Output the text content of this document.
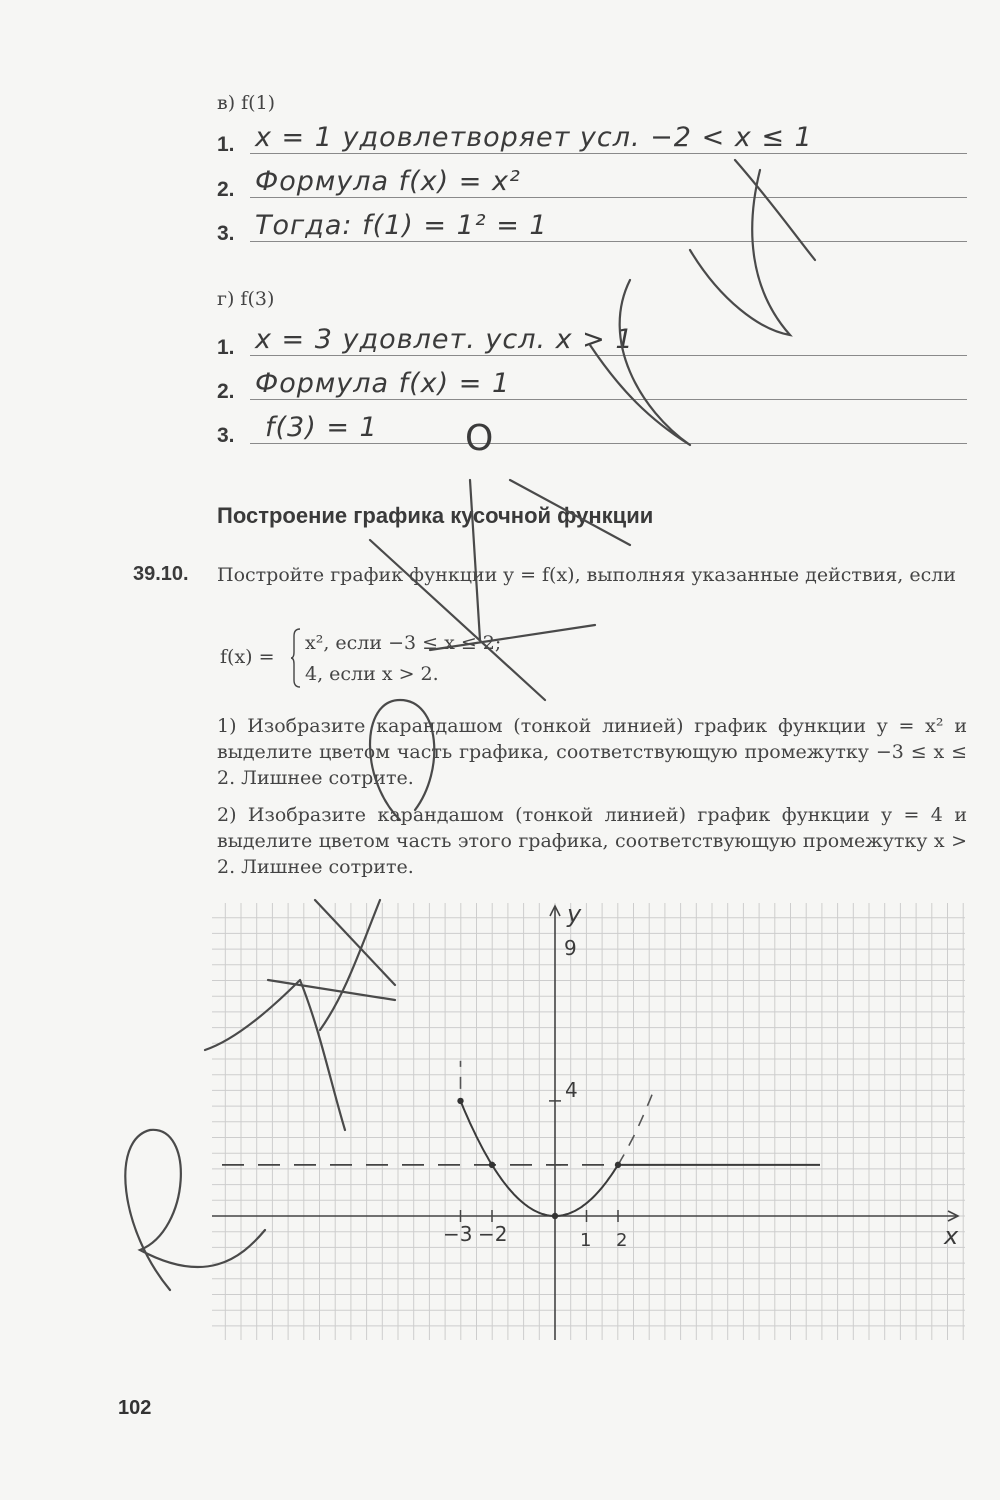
в) f(1)
1.
2.
3.
x = 1 удовлетворяет усл. −2 < x ≤ 1
Формула f(x) = x²
Тогда: f(1) = 1² = 1
г) f(3)
1.
2.
3.
x = 3 удовлет. усл. x > 1
Формула f(x) = 1
f(3) = 1 О
Построение графика кусочной функции
39.10. Постройте график функции y = f(x), выполняя указанные действия, если
f(x) =
x², если −3 ≤ x ≤ 2;
4, если x > 2.
1) Изобразите карандашом (тонкой линией) график функции y = x² и выделите цветом часть графика, соответствующую промежутку −3 ≤ x ≤ 2. Лишнее сотрите.
2) Изобразите карандашом (тонкой линией) график функции y = 4 и выделите цветом часть этого графика, соответствующую промежутку x > 2. Лишнее сотрите.
x
y
−3 −2	1 2
9
4
102
